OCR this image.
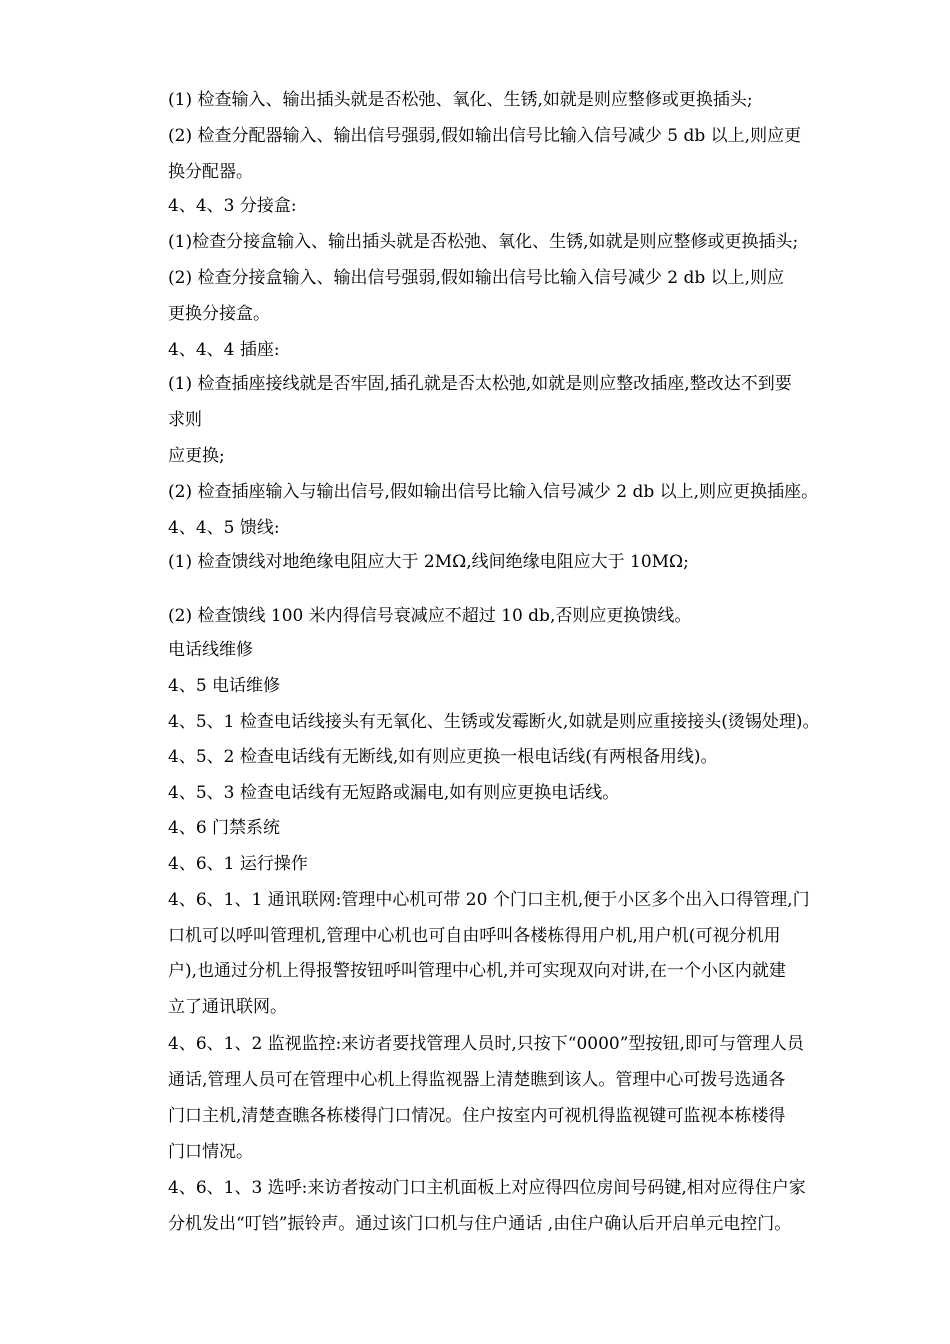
(1) 检查输入、输出插头就是否松弛、氧化、生锈,如就是则应整修或更换插头;
(2) 检查分配器输入、输出信号强弱,假如输出信号比输入信号减少 5 db 以上,则应更
换分配器。
4、4、3 分接盒:
(1)检查分接盒输入、输出插头就是否松弛、氧化、生锈,如就是则应整修或更换插头;
(2) 检查分接盒输入、输出信号强弱,假如输出信号比输入信号减少 2 db 以上,则应
更换分接盒。
4、4、4 插座:
(1) 检查插座接线就是否牢固,插孔就是否太松弛,如就是则应整改插座,整改达不到要
求则
应更换;
(2) 检查插座输入与输出信号,假如输出信号比输入信号减少 2 db 以上,则应更换插座。
4、4、5 馈线:
(1) 检查馈线对地绝缘电阻应大于 2MΩ,线间绝缘电阻应大于 10MΩ;
(2) 检查馈线 100 米内得信号衰减应不超过 10 db,否则应更换馈线。
电话线维修
4、5 电话维修
4、5、1 检查电话线接头有无氧化、生锈或发霉断火,如就是则应重接接头(烫锡处理)。
4、5、2 检查电话线有无断线,如有则应更换一根电话线(有两根备用线)。
4、5、3 检查电话线有无短路或漏电,如有则应更换电话线。
4、6 门禁系统
4、6、1 运行操作
4、6、1、1 通讯联网:管理中心机可带 20 个门口主机,便于小区多个出入口得管理,门
口机可以呼叫管理机,管理中心机也可自由呼叫各楼栋得用户机,用户机(可视分机用
户),也通过分机上得报警按钮呼叫管理中心机,并可实现双向对讲,在一个小区内就建
立了通讯联网。
4、6、1、2 监视监控:来访者要找管理人员时,只按下“0000”型按钮,即可与管理人员
通话,管理人员可在管理中心机上得监视器上清楚瞧到该人。管理中心可拨号选通各
门口主机,清楚查瞧各栋楼得门口情况。住户按室内可视机得监视键可监视本栋楼得
门口情况。
4、6、1、3 选呼:来访者按动门口主机面板上对应得四位房间号码键,相对应得住户家
分机发出“叮铛”振铃声。通过该门口机与住户通话 ,由住户确认后开启单元电控门。
